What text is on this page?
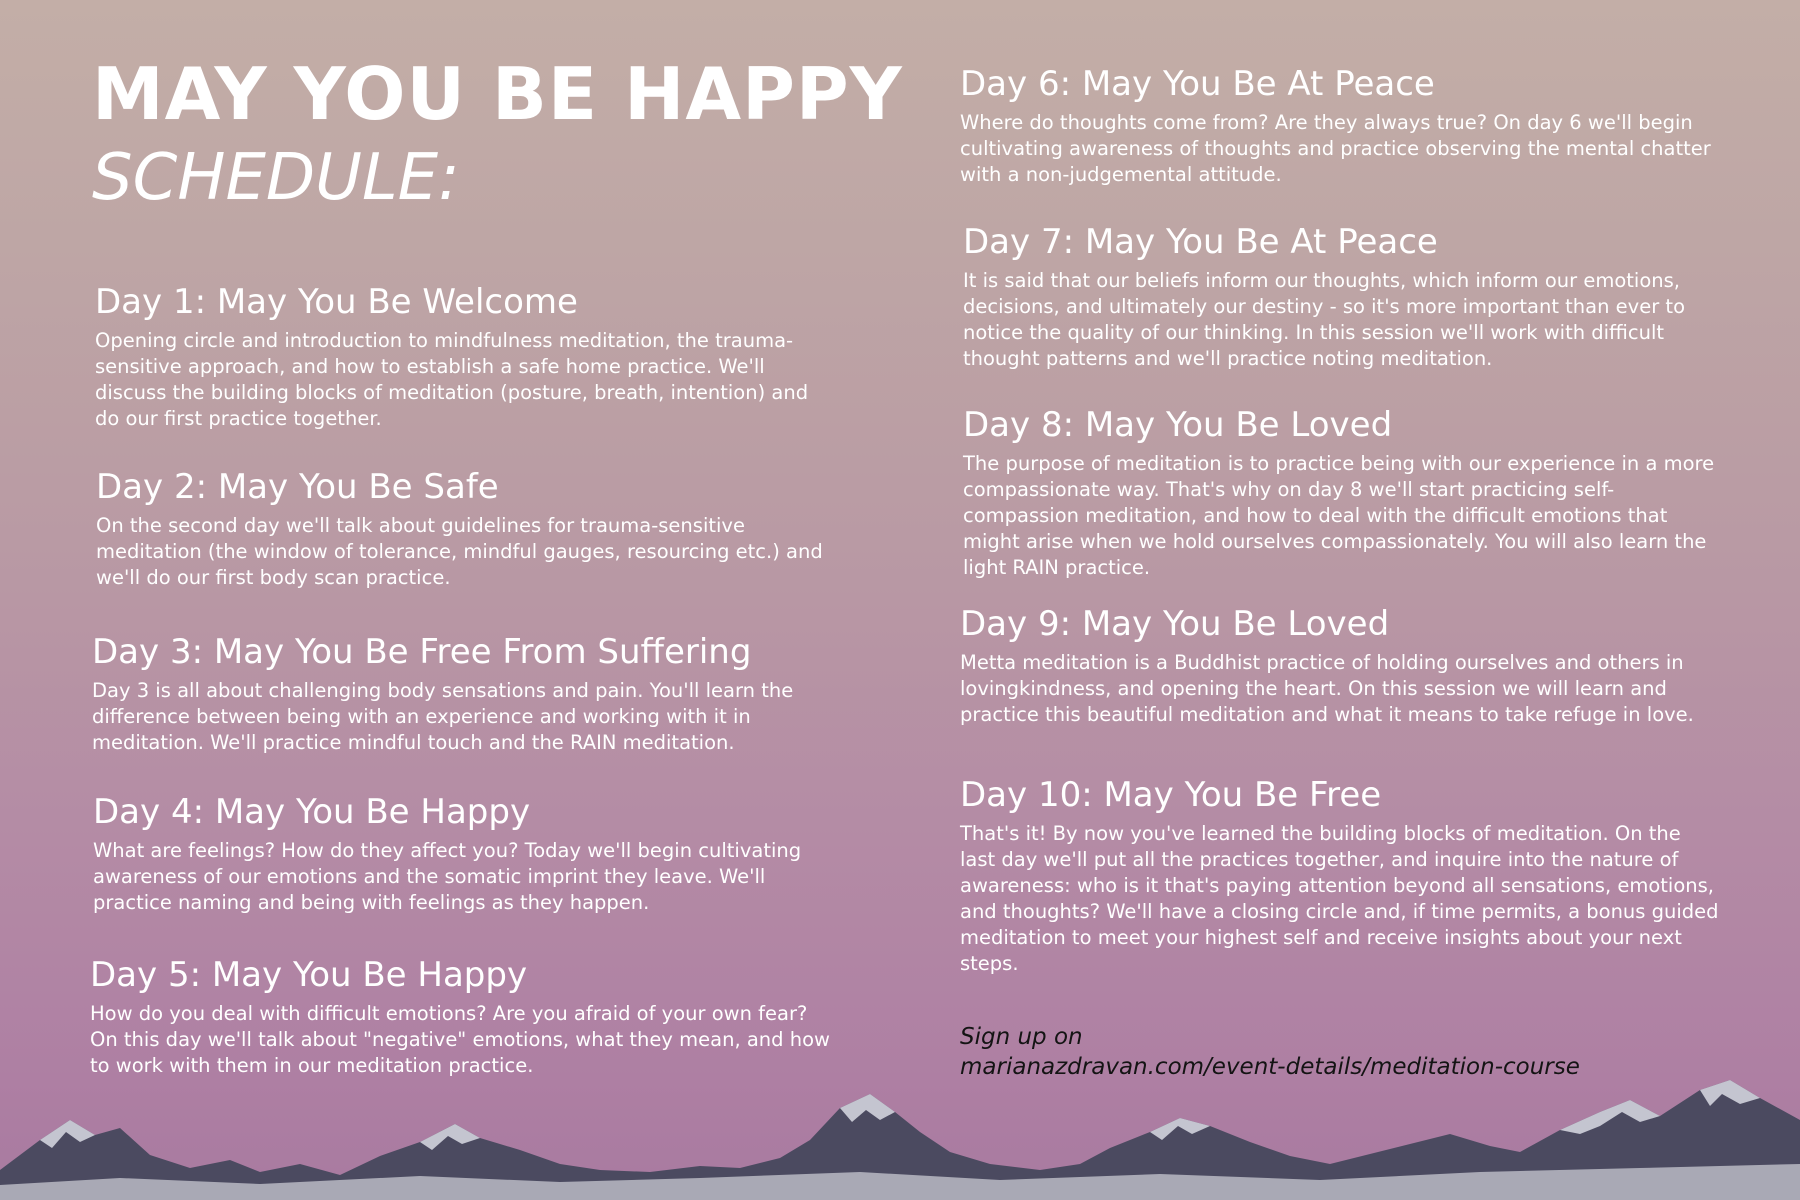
MAY YOU BE HAPPY
SCHEDULE:
Day 1: May You Be Welcome

Opening circle and introduction to mindfulness meditation, the trauma-sensitive approach, and how to establish a safe home practice. We'll discuss the building blocks of meditation (posture, breath, intention) and do our first practice together.

Day 2: May You Be Safe

On the second day we'll talk about guidelines for trauma-sensitive meditation (the window of tolerance, mindful gauges, resourcing etc.) and we'll do our first body scan practice.

Day 3: May You Be Free From Suffering

Day 3 is all about challenging body sensations and pain. You'll learn the difference between being with an experience and working with it in meditation. We'll practice mindful touch and the RAIN meditation.

Day 4: May You Be Happy

What are feelings? How do they affect you? Today we'll begin cultivating awareness of our emotions and the somatic imprint they leave. We'll practice naming and being with feelings as they happen.

Day 5: May You Be Happy

How do you deal with difficult emotions? Are you afraid of your own fear? On this day we'll talk about "negative" emotions, what they mean, and how to work with them in our meditation practice.

Day 6: May You Be At Peace

Where do thoughts come from? Are they always true? On day 6 we'll begin cultivating awareness of thoughts and practice observing the mental chatter with a non-judgemental attitude.

Day 7: May You Be At Peace

It is said that our beliefs inform our thoughts, which inform our emotions, decisions, and ultimately our destiny - so it's more important than ever to notice the quality of our thinking. In this session we'll work with difficult thought patterns and we'll practice noting meditation.

Day 8: May You Be Loved

The purpose of meditation is to practice being with our experience in a more compassionate way. That's why on day 8 we'll start practicing self-compassion meditation, and how to deal with the difficult emotions that might arise when we hold ourselves compassionately. You will also learn the light RAIN practice.

Day 9: May You Be Loved

Metta meditation is a Buddhist practice of holding ourselves and others in lovingkindness, and opening the heart. On this session we will learn and practice this beautiful meditation and what it means to take refuge in love.

Day 10: May You Be Free

That's it! By now you've learned the building blocks of meditation. On the last day we'll put all the practices together, and inquire into the nature of awareness: who is it that's paying attention beyond all sensations, emotions, and thoughts? We'll have a closing circle and, if time permits, a bonus guided meditation to meet your highest self and receive insights about your next steps.

Sign up on
marianazdravan.com/event-details/meditation-course
